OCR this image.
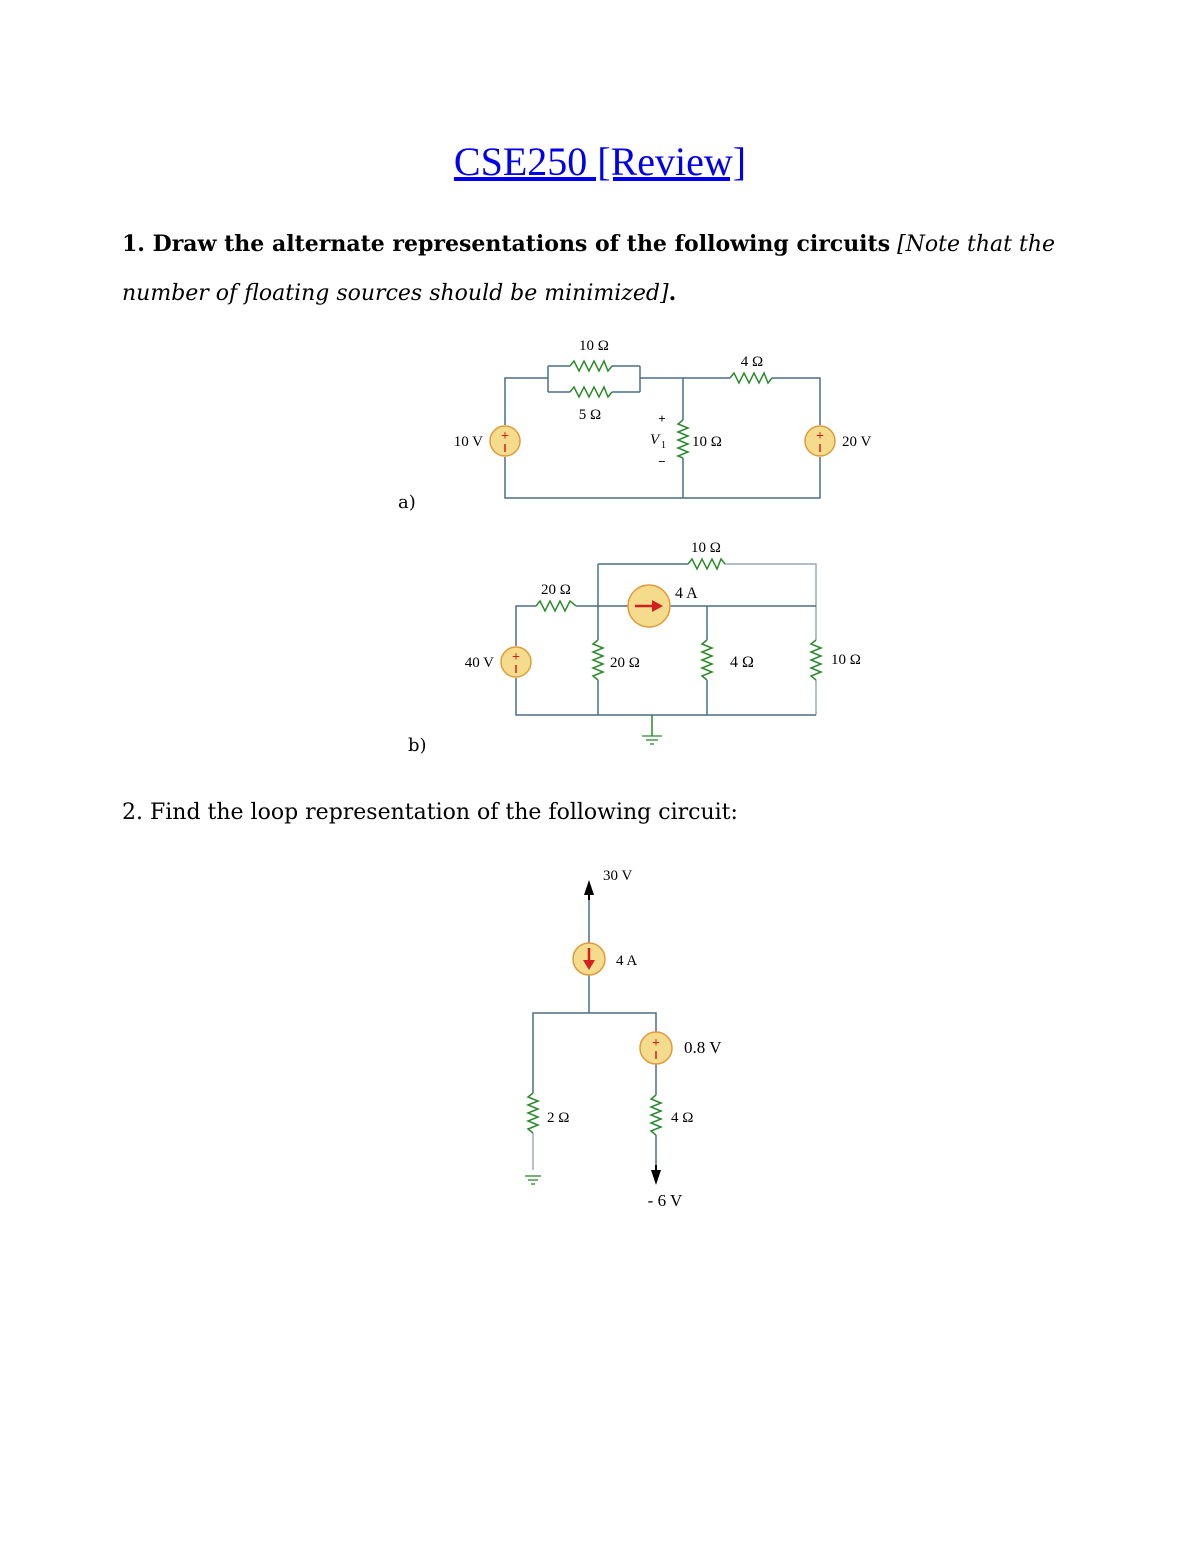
CSE250 [Review]

1. Draw the alternate representations of the following circuits [Note that the number of floating sources should be minimized].

a)
b)

2. Find the loop representation of the following circuit:

+	+
10 Ω
5 Ω
4 Ω
10 Ω
+
V 1
−
10 V	20 V
+
10 Ω
20 Ω	4 A
40 V	20 Ω	4 Ω	10 Ω
+
30 V
4 A
0.8 V
2 Ω	4 Ω
- 6 V
